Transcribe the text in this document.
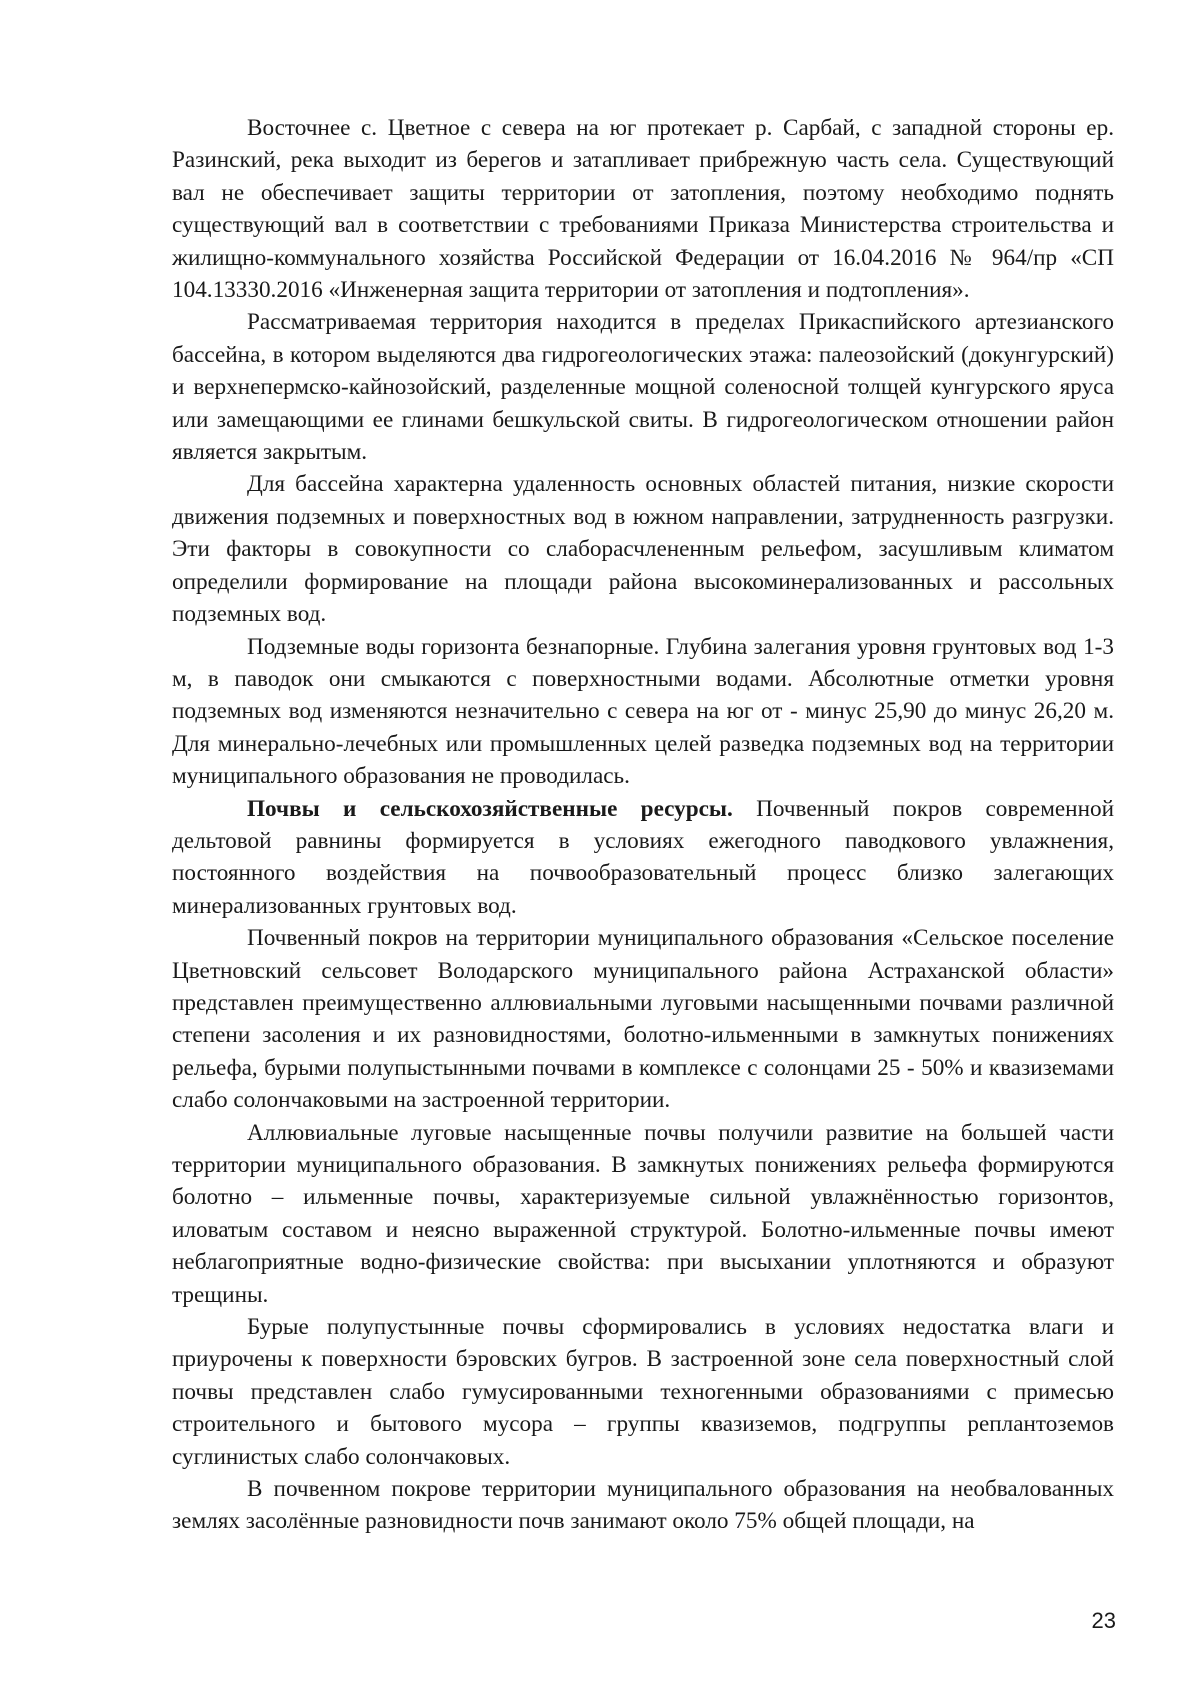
Восточнее с. Цветное с севера на юг протекает р. Сарбай, с западной стороны ер. Разинский, река выходит из берегов и затапливает прибрежную часть села. Существующий вал не обеспечивает защиты территории от затопления, поэтому необходимо поднять существующий вал в соответствии с требованиями Приказа Министерства строительства и жилищно-коммунального хозяйства Российской Федерации от 16.04.2016 № 964/пр «СП 104.13330.2016 «Инженерная защита территории от затопления и подтопления».

Рассматриваемая территория находится в пределах Прикаспийского артезианского бассейна, в котором выделяются два гидрогеологических этажа: палеозойский (докунгурский) и верхнепермско-кайнозойский, разделенные мощной соленосной толщей кунгурского яруса или замещающими ее глинами бешкульской свиты. В гидрогеологическом отношении район является закрытым.

Для бассейна характерна удаленность основных областей питания, низкие скорости движения подземных и поверхностных вод в южном направлении, затрудненность разгрузки. Эти факторы в совокупности со слаборасчлененным рельефом, засушливым климатом определили формирование на площади района высокоминерализованных и рассольных подземных вод.

Подземные воды горизонта безнапорные. Глубина залегания уровня грунтовых вод 1-3 м, в паводок они смыкаются с поверхностными водами. Абсолютные отметки уровня подземных вод изменяются незначительно с севера на юг от - минус 25,90 до минус 26,20 м. Для минерально-лечебных или промышленных целей разведка подземных вод на территории муниципального образования не проводилась.

Почвы и сельскохозяйственные ресурсы. Почвенный покров современной дельтовой равнины формируется в условиях ежегодного паводкового увлажнения, постоянного воздействия на почвообразовательный процесс близко залегающих минерализованных грунтовых вод.

Почвенный покров на территории муниципального образования «Сельское поселение Цветновский сельсовет Володарского муниципального района Астраханской области» представлен преимущественно аллювиальными луговыми насыщенными почвами различной степени засоления и их разновидностями, болотно-ильменными в замкнутых понижениях рельефа, бурыми полупыстынными почвами в комплексе с солонцами 25 - 50% и квазиземами слабо солончаковыми на застроенной территории.

Аллювиальные луговые насыщенные почвы получили развитие на большей части территории муниципального образования. В замкнутых понижениях рельефа формируются болотно – ильменные почвы, характеризуемые сильной увлажнённостью горизонтов, иловатым составом и неясно выраженной структурой. Болотно-ильменные почвы имеют неблагоприятные водно-физические свойства: при высыхании уплотняются и образуют трещины.

Бурые полупустынные почвы сформировались в условиях недостатка влаги и приурочены к поверхности бэровских бугров. В застроенной зоне села поверхностный слой почвы представлен слабо гумусированными техногенными образованиями с примесью строительного и бытового мусора – группы квазиземов, подгруппы реплантоземов суглинистых слабо солончаковых.

В почвенном покрове территории муниципального образования на необвалованных землях засолённые разновидности почв занимают около 75% общей площади, на

23
